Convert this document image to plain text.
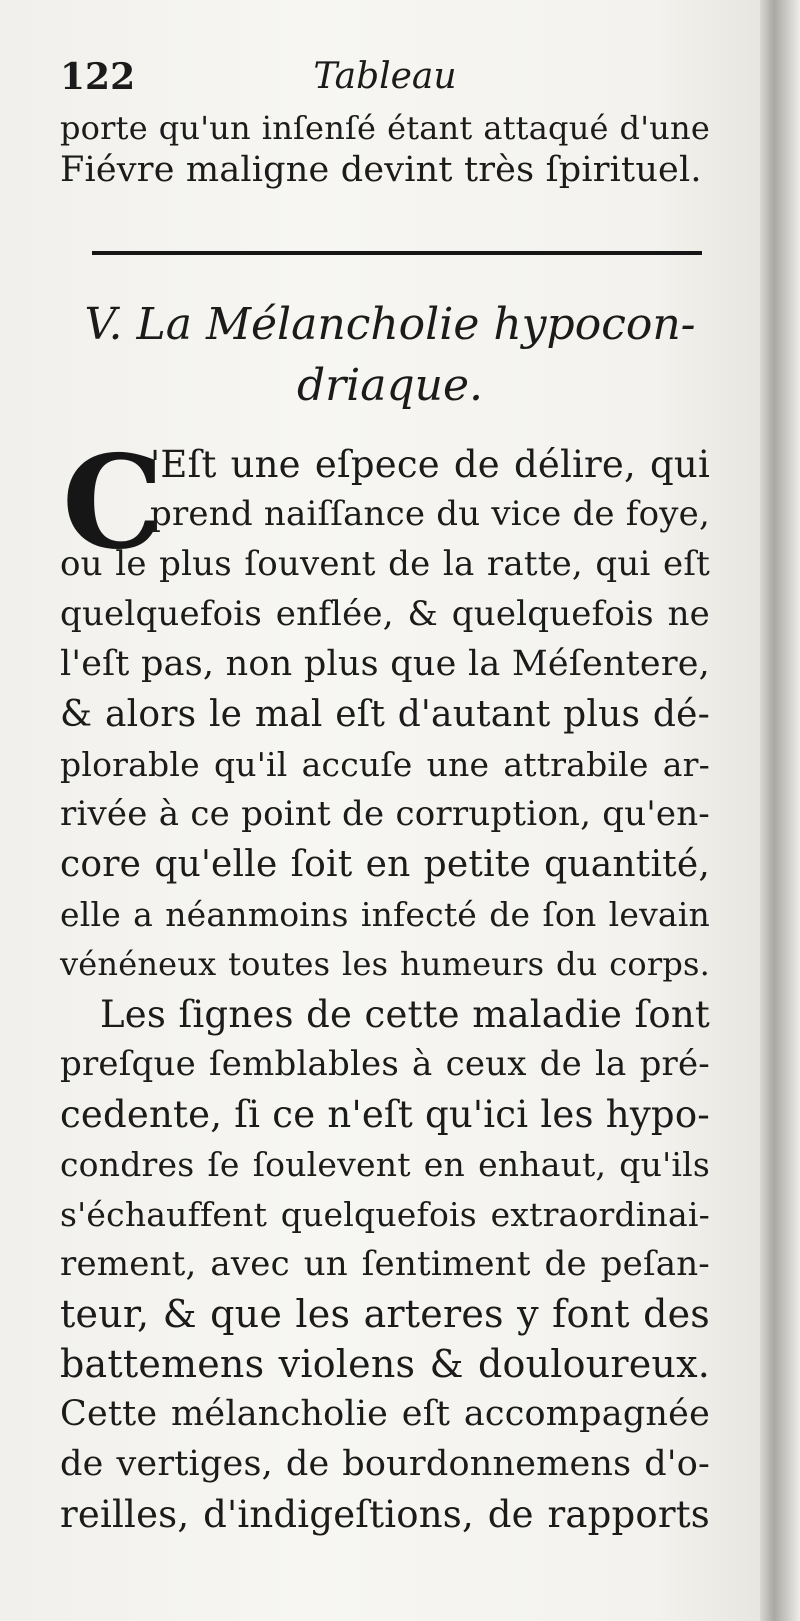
122	Tableau
porte qu'un inſenſé étant attaqué d'une
Fiévre maligne devint très ſpirituel.
V. La Mélancholie hypocon-
driaque.
C
'Eſt une eſpece de délire, qui
prend naiſſance du vice de foye,
ou le plus ſouvent de la ratte, qui eſt
quelquefois enflée, & quelquefois ne
l'eſt pas, non plus que la Méſentere,
& alors le mal eſt d'autant plus dé-
plorable qu'il accuſe une attrabile ar-
rivée à ce point de corruption, qu'en-
core qu'elle ſoit en petite quantité,
elle a néanmoins infecté de ſon levain
vénéneux toutes les humeurs du corps.
Les ſignes de cette maladie ſont
preſque ſemblables à ceux de la pré-
cedente, ſi ce n'eſt qu'ici les hypo-
condres ſe ſoulevent en enhaut, qu'ils
s'échauffent quelquefois extraordinai-
rement, avec un ſentiment de peſan-
teur, & que les arteres y font des
battemens violens & douloureux.
Cette mélancholie eſt accompagnée
de vertiges, de bourdonnemens d'o-
reilles, d'indigeſtions, de rapports
